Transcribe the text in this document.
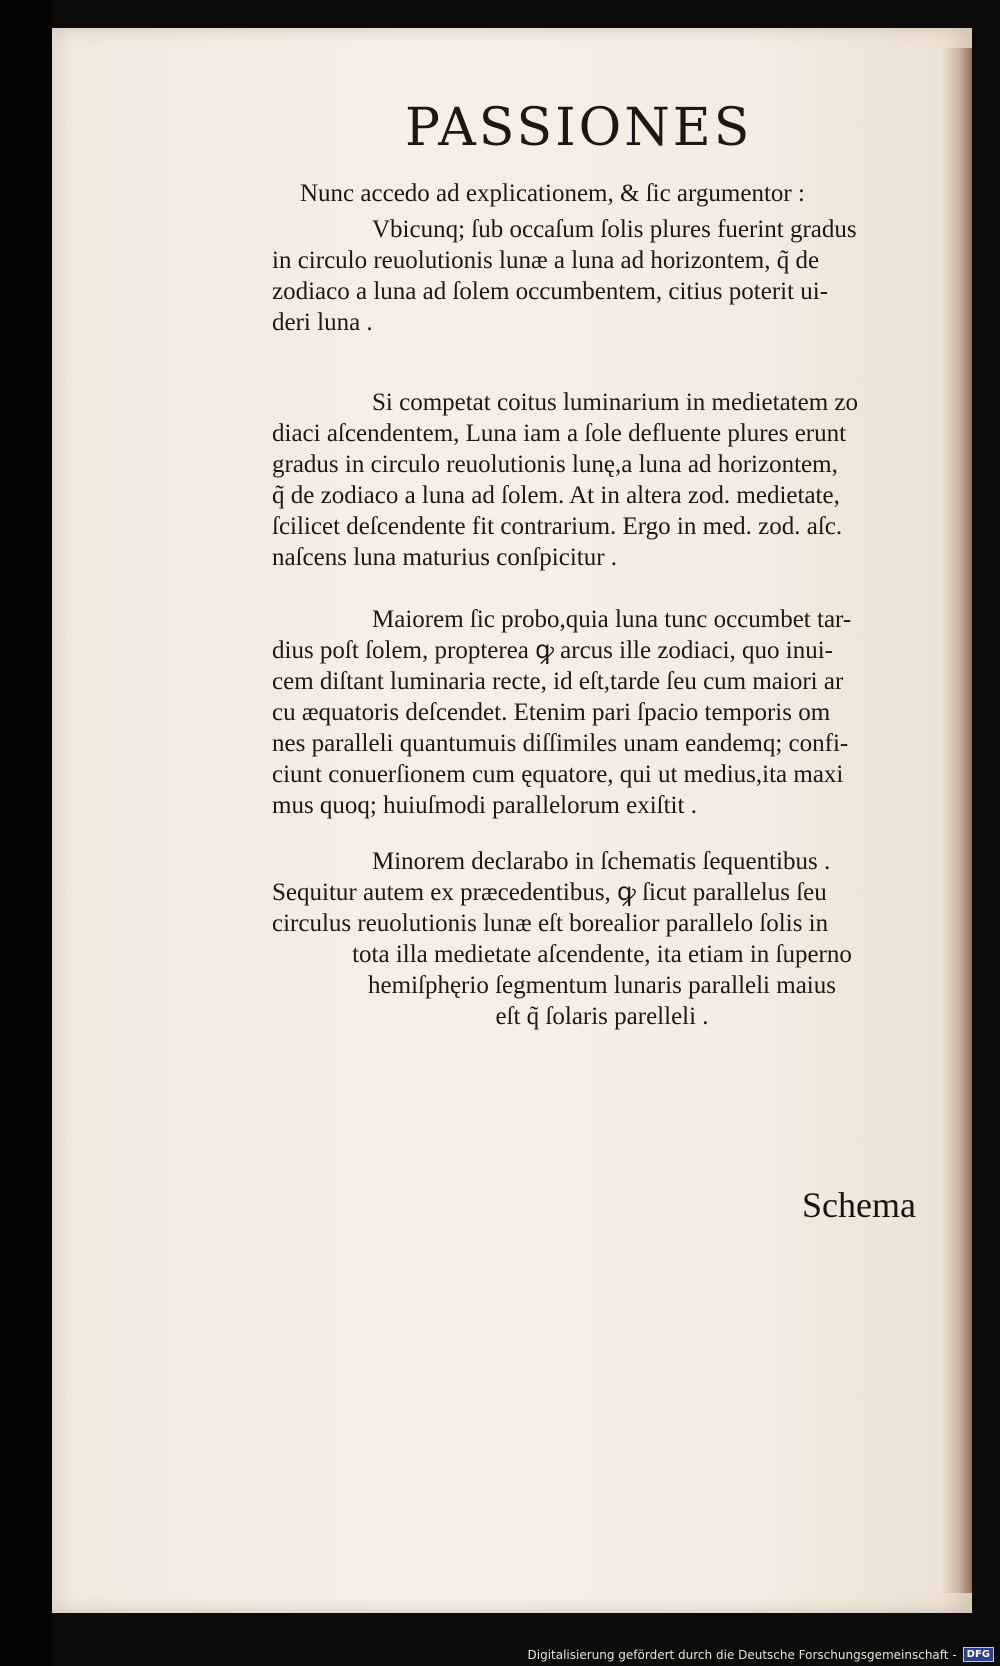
PASSIONES
Nunc accedo ad explicationem, & ſic argumentor :
Vbicunq; ſub occaſum ſolis plures fuerint gradus
in circulo reuolutionis lunæ a luna ad horizontem, q̃ de
zodiaco a luna ad ſolem occumbentem, citius poterit ui-
deri luna .
Si competat coitus luminarium in medietatem zo
diaci aſcendentem, Luna iam a ſole defluente plures erunt
gradus in circulo reuolutionis lunę,a luna ad horizontem,
q̃ de zodiaco a luna ad ſolem. At in altera zod. medietate,
ſcilicet deſcendente fit contrarium. Ergo in med. zod. aſc.
naſcens luna maturius conſpicitur .
Maiorem ſic probo,quia luna tunc occumbet tar-
dius poſt ſolem, propterea ꝙ arcus ille zodiaci, quo inui-
cem diſtant luminaria recte, id eſt,tarde ſeu cum maiori ar
cu æquatoris deſcendet. Etenim pari ſpacio temporis om
nes paralleli quantumuis diſſimiles unam eandemq; confi-
ciunt conuerſionem cum ęquatore, qui ut medius,ita maxi
mus quoq; huiuſmodi parallelorum exiſtit .
Minorem declarabo in ſchematis ſequentibus .
Sequitur autem ex præcedentibus, ꝙ ſicut parallelus ſeu
circulus reuolutionis lunæ eſt borealior parallelo ſolis in
tota illa medietate aſcendente, ita etiam in ſuperno
hemiſphęrio ſegmentum lunaris paralleli maius
eſt q̃ ſolaris parelleli .
Schema
Digitalisierung gefördert durch die Deutsche Forschungsgemeinschaft -	DFG
